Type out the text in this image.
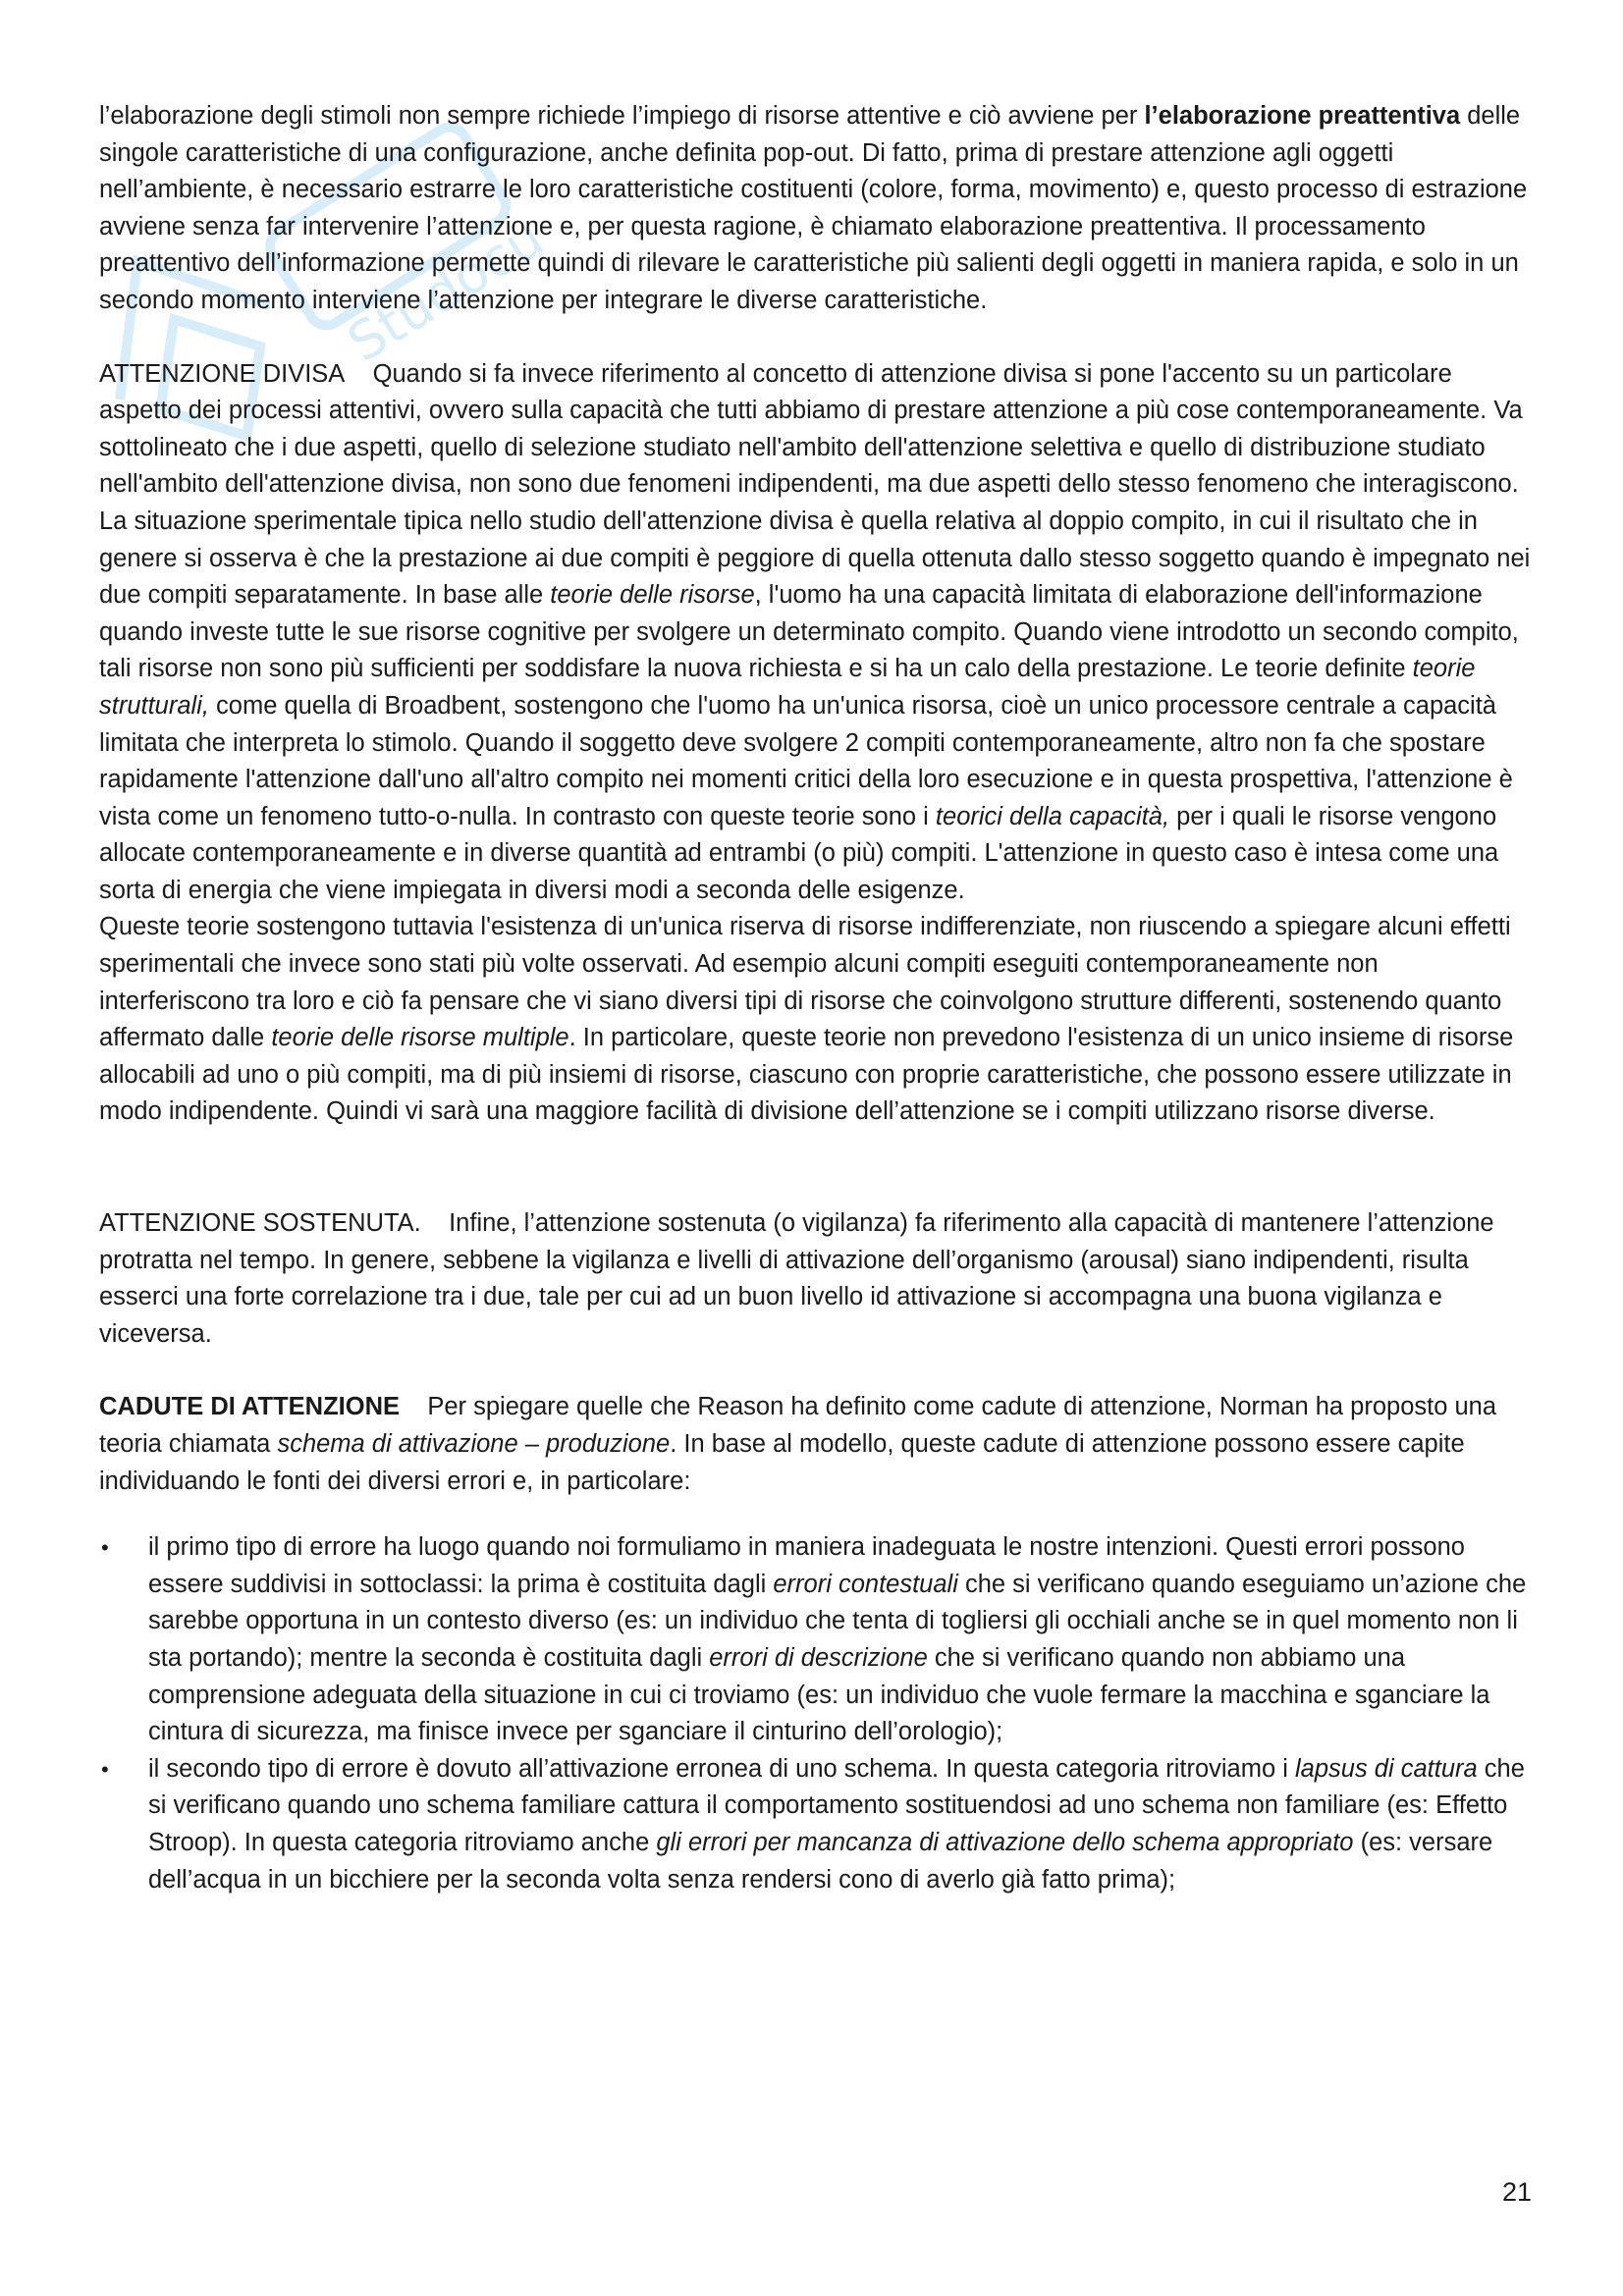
Studocu

l’elaborazione degli stimoli non sempre richiede l’impiego di risorse attentive e ciò avviene per l’elaborazione preattentiva delle singole caratteristiche di una configurazione, anche definita pop-out. Di fatto, prima di prestare attenzione agli oggetti nell’ambiente, è necessario estrarre le loro caratteristiche costituenti (colore, forma, movimento) e, questo processo di estrazione avviene senza far intervenire l’attenzione e, per questa ragione, è chiamato elaborazione preattentiva. Il processamento preattentivo dell’informazione permette quindi di rilevare le caratteristiche più salienti degli oggetti in maniera rapida, e solo in un secondo momento interviene l’attenzione per integrare le diverse caratteristiche.

ATTENZIONE DIVISA Quando si fa invece riferimento al concetto di attenzione divisa si pone l'accento su un particolare aspetto dei processi attentivi, ovvero sulla capacità che tutti abbiamo di prestare attenzione a più cose contemporaneamente. Va sottolineato che i due aspetti, quello di selezione studiato nell'ambito dell'attenzione selettiva e quello di distribuzione studiato nell'ambito dell'attenzione divisa, non sono due fenomeni indipendenti, ma due aspetti dello stesso fenomeno che interagiscono. La situazione sperimentale tipica nello studio dell'attenzione divisa è quella relativa al doppio compito, in cui il risultato che in genere si osserva è che la prestazione ai due compiti è peggiore di quella ottenuta dallo stesso soggetto quando è impegnato nei due compiti separatamente. In base alle teorie delle risorse, l'uomo ha una capacità limitata di elaborazione dell'informazione quando investe tutte le sue risorse cognitive per svolgere un determinato compito. Quando viene introdotto un secondo compito, tali risorse non sono più sufficienti per soddisfare la nuova richiesta e si ha un calo della prestazione. Le teorie definite teorie strutturali, come quella di Broadbent, sostengono che l'uomo ha un'unica risorsa, cioè un unico processore centrale a capacità limitata che interpreta lo stimolo. Quando il soggetto deve svolgere 2 compiti contemporaneamente, altro non fa che spostare rapidamente l'attenzione dall'uno all'altro compito nei momenti critici della loro esecuzione e in questa prospettiva, l'attenzione è vista come un fenomeno tutto-o-nulla. In contrasto con queste teorie sono i teorici della capacità, per i quali le risorse vengono allocate contemporaneamente e in diverse quantità ad entrambi (o più) compiti. L'attenzione in questo caso è intesa come una sorta di energia che viene impiegata in diversi modi a seconda delle esigenze.

Queste teorie sostengono tuttavia l'esistenza di un'unica riserva di risorse indifferenziate, non riuscendo a spiegare alcuni effetti sperimentali che invece sono stati più volte osservati. Ad esempio alcuni compiti eseguiti contemporaneamente non interferiscono tra loro e ciò fa pensare che vi siano diversi tipi di risorse che coinvolgono strutture differenti, sostenendo quanto affermato dalle teorie delle risorse multiple. In particolare, queste teorie non prevedono l'esistenza di un unico insieme di risorse allocabili ad uno o più compiti, ma di più insiemi di risorse, ciascuno con proprie caratteristiche, che possono essere utilizzate in modo indipendente. Quindi vi sarà una maggiore facilità di divisione dell’attenzione se i compiti utilizzano risorse diverse.

ATTENZIONE SOSTENUTA. Infine, l’attenzione sostenuta (o vigilanza) fa riferimento alla capacità di mantenere l’attenzione protratta nel tempo. In genere, sebbene la vigilanza e livelli di attivazione dell’organismo (arousal) siano indipendenti, risulta esserci una forte correlazione tra i due, tale per cui ad un buon livello id attivazione si accompagna una buona vigilanza e viceversa.

CADUTE DI ATTENZIONE Per spiegare quelle che Reason ha definito come cadute di attenzione, Norman ha proposto una teoria chiamata schema di attivazione – produzione. In base al modello, queste cadute di attenzione possono essere capite individuando le fonti dei diversi errori e, in particolare:

• il primo tipo di errore ha luogo quando noi formuliamo in maniera inadeguata le nostre intenzioni. Questi errori possono essere suddivisi in sottoclassi: la prima è costituita dagli errori contestuali che si verificano quando eseguiamo un’azione che sarebbe opportuna in un contesto diverso (es: un individuo che tenta di togliersi gli occhiali anche se in quel momento non li sta portando); mentre la seconda è costituita dagli errori di descrizione che si verificano quando non abbiamo una comprensione adeguata della situazione in cui ci troviamo (es: un individuo che vuole fermare la macchina e sganciare la cintura di sicurezza, ma finisce invece per sganciare il cinturino dell’orologio);
• il secondo tipo di errore è dovuto all’attivazione erronea di uno schema. In questa categoria ritroviamo i lapsus di cattura che si verificano quando uno schema familiare cattura il comportamento sostituendosi ad uno schema non familiare (es: Effetto Stroop). In questa categoria ritroviamo anche gli errori per mancanza di attivazione dello schema appropriato (es: versare dell’acqua in un bicchiere per la seconda volta senza rendersi cono di averlo già fatto prima);
21
